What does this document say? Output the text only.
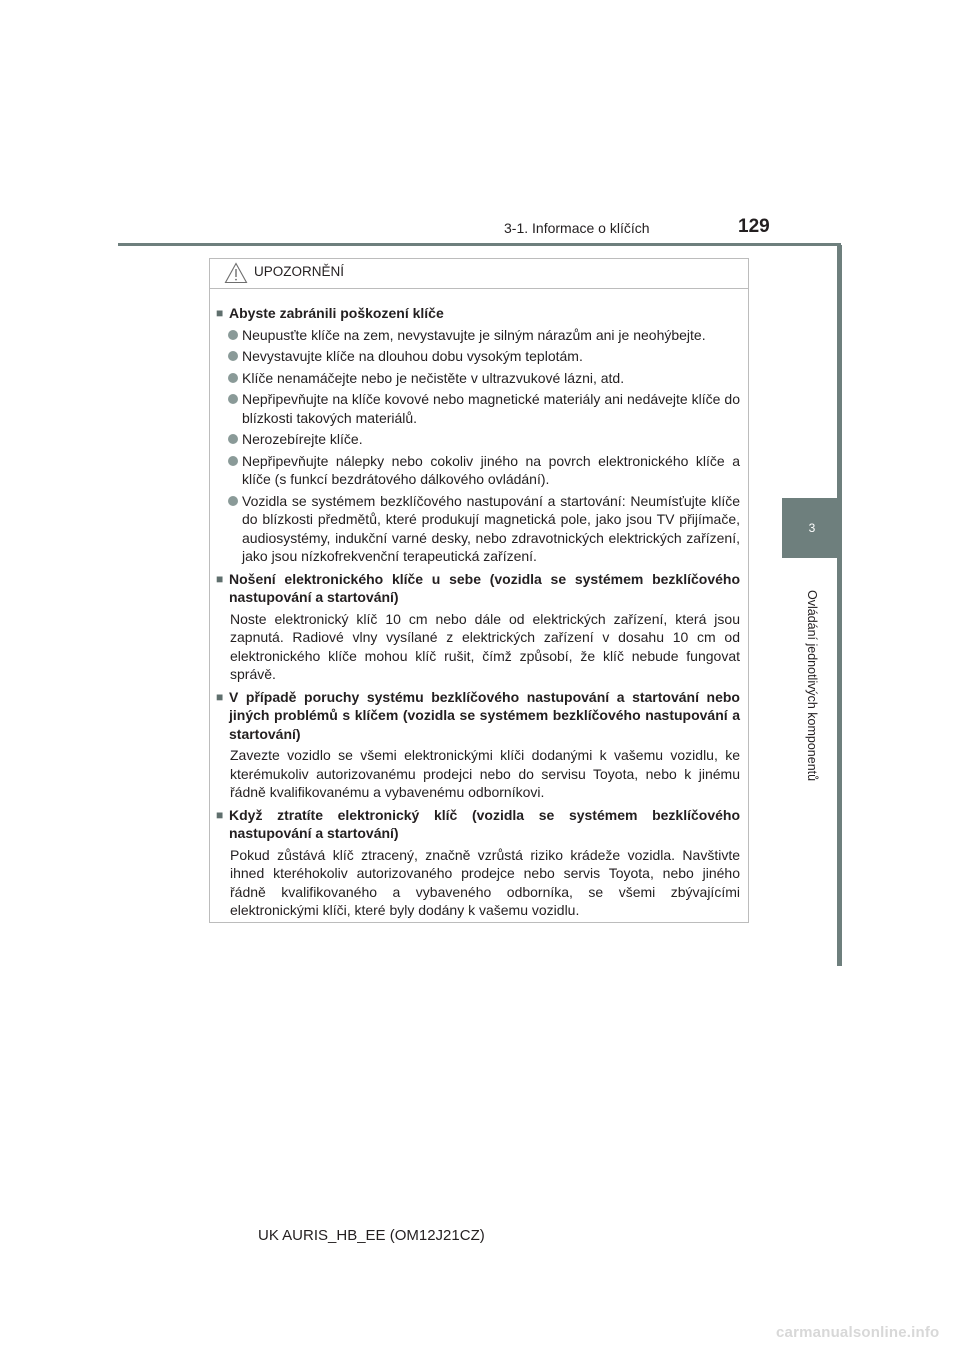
3-1. Informace o klíčích	129
3
Ovládání jednotlivých komponentů
UPOZORNĚNÍ
■ Abyste zabránili poškození klíče
Neupusťte klíče na zem, nevystavujte je silným nárazům ani je neohýbejte.
Nevystavujte klíče na dlouhou dobu vysokým teplotám.
Klíče nenamáčejte nebo je nečistěte v ultrazvukové lázni, atd.
Nepřipevňujte na klíče kovové nebo magnetické materiály ani nedávejte klíče do blízkosti takových materiálů.
Nerozebírejte klíče.
Nepřipevňujte nálepky nebo cokoliv jiného na povrch elektronického klíče a klíče (s funkcí bezdrátového dálkového ovládání).
Vozidla se systémem bezklíčového nastupování a startování: Neumísťujte klíče do blízkosti předmětů, které produkují magnetická pole, jako jsou TV přijímače, audiosystémy, indukční varné desky, nebo zdravotnických elektrických zařízení, jako jsou nízkofrekvenční terapeutická zařízení.
■ Nošení elektronického klíče u sebe (vozidla se systémem bezklíčového nastupování a startování)
Noste elektronický klíč 10 cm nebo dále od elektrických zařízení, která jsou zapnutá. Radiové vlny vysílané z elektrických zařízení v dosahu 10 cm od elektronického klíče mohou klíč rušit, čímž způsobí, že klíč nebude fungovat správě.
■ V případě poruchy systému bezklíčového nastupování a startování nebo jiných problémů s klíčem (vozidla se systémem bezklíčového nastupování a startování)
Zavezte vozidlo se všemi elektronickými klíči dodanými k vašemu vozidlu, ke kterémukoliv autorizovanému prodejci nebo do servisu Toyota, nebo k jinému řádně kvalifikovanému a vybavenému odborníkovi.
■ Když ztratíte elektronický klíč (vozidla se systémem bezklíčového nastupování a startování)
Pokud zůstává klíč ztracený, značně vzrůstá riziko krádeže vozidla. Navštivte ihned kteréhokoliv autorizovaného prodejce nebo servis Toyota, nebo jiného řádně kvalifikovaného a vybaveného odborníka, se všemi zbývajícími elektronickými klíči, které byly dodány k vašemu vozidlu.
UK AURIS_HB_EE (OM12J21CZ)
carmanualsonline.info
